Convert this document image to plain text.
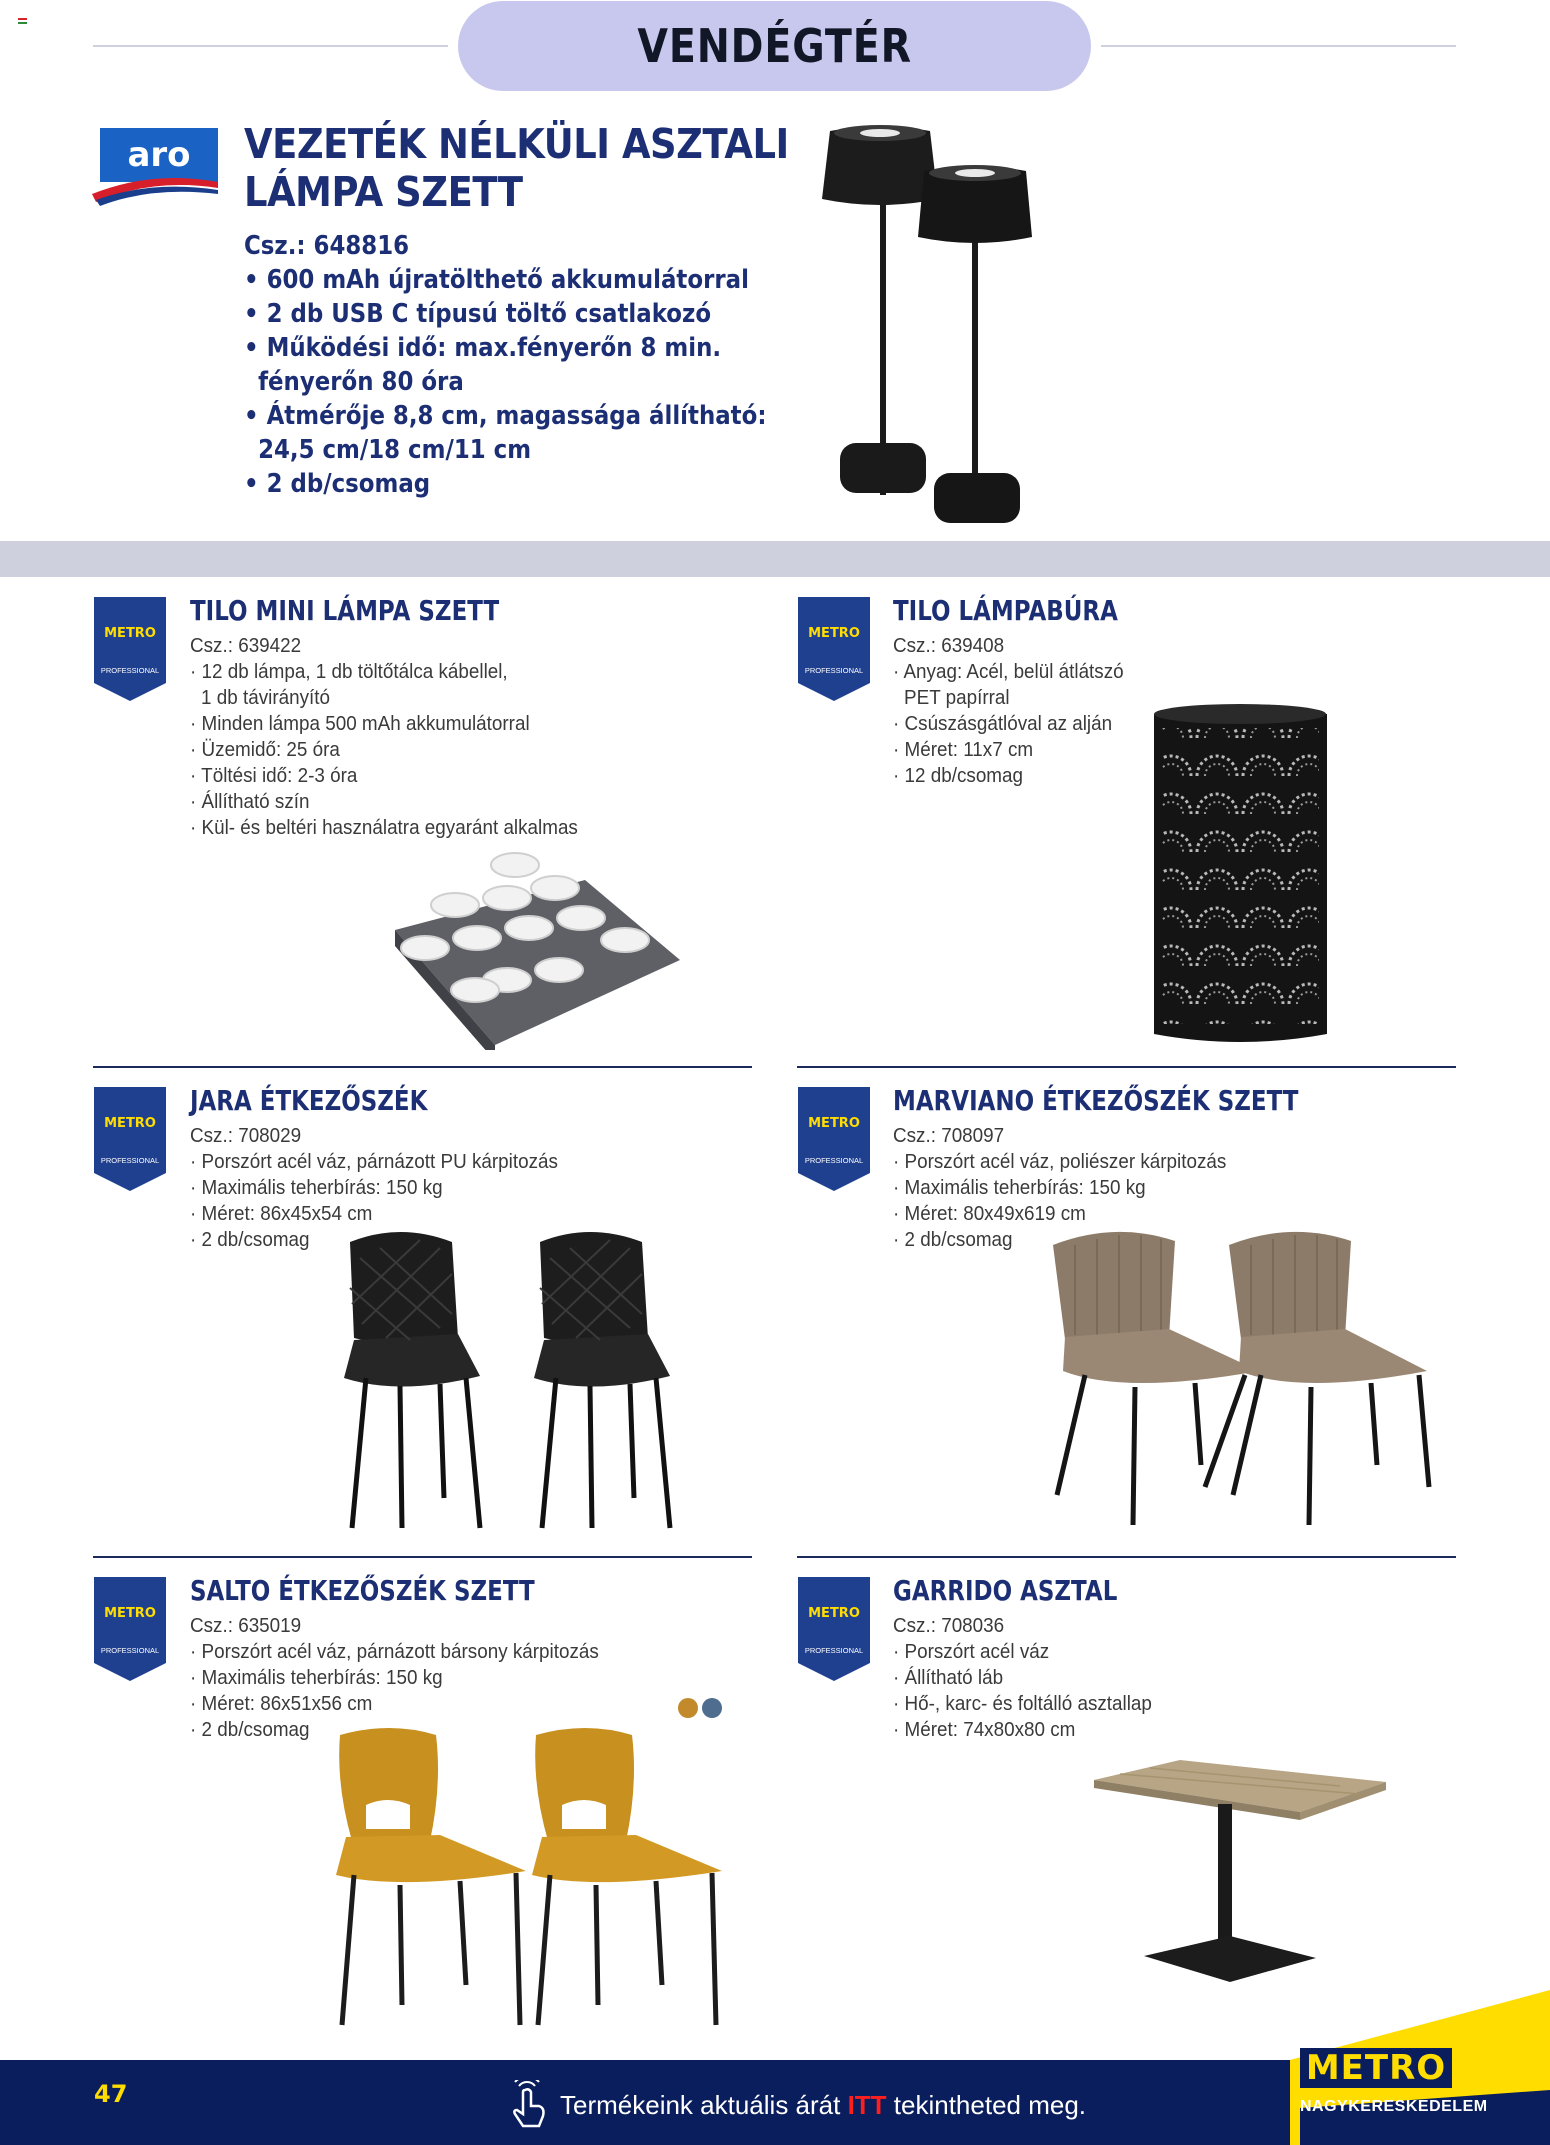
VENDÉGTÉR
aro VEZETÉK NÉLKÜLI ASZTALI
LÁMPA SZETT
Csz.: 648816
• 600 mAh újratölthető akkumulátorral
• 2 db USB C típusú töltő csatlakozó
• Működési idő: max.fényerőn 8 min.
fényerőn 80 óra
• Átmérője 8,8 cm, magassága állítható:
24,5 cm/18 cm/11 cm
• 2 db/csomag
METRO
PROFESSIONAL
TILO MINI LÁMPA SZETT
Csz.: 639422
· 12 db lámpa, 1 db töltőtálca kábellel,
1 db távirányító
· Minden lámpa 500 mAh akkumulátorral
· Üzemidő: 25 óra
· Töltési idő: 2-3 óra
· Állítható szín
· Kül- és beltéri használatra egyaránt alkalmas
METRO
PROFESSIONAL
TILO LÁMPABÚRA
Csz.: 639408
· Anyag: Acél, belül átlátszó
PET papírral
· Csúszásgátlóval az alján
· Méret: 11x7 cm
· 12 db/csomag
METRO
PROFESSIONAL
JARA ÉTKEZŐSZÉK
Csz.: 708029
· Porszórt acél váz, párnázott PU kárpitozás
· Maximális teherbírás: 150 kg
· Méret: 86x45x54 cm
· 2 db/csomag
METRO
PROFESSIONAL
MARVIANO ÉTKEZŐSZÉK SZETT
Csz.: 708097
· Porszórt acél váz, poliészer kárpitozás
· Maximális teherbírás: 150 kg
· Méret: 80x49x619 cm
· 2 db/csomag
METRO
PROFESSIONAL
SALTO ÉTKEZŐSZÉK SZETT
Csz.: 635019
· Porszórt acél váz, párnázott bársony kárpitozás
· Maximális teherbírás: 150 kg
· Méret: 86x51x56 cm
· 2 db/csomag
METRO
PROFESSIONAL
GARRIDO ASZTAL
Csz.: 708036
· Porszórt acél váz
· Állítható láb
· Hő-, karc- és foltálló asztallap
· Méret: 74x80x80 cm
47	Termékeink aktuális árát ITT tekintheted meg.
METRO
NAGYKERESKEDELEM
